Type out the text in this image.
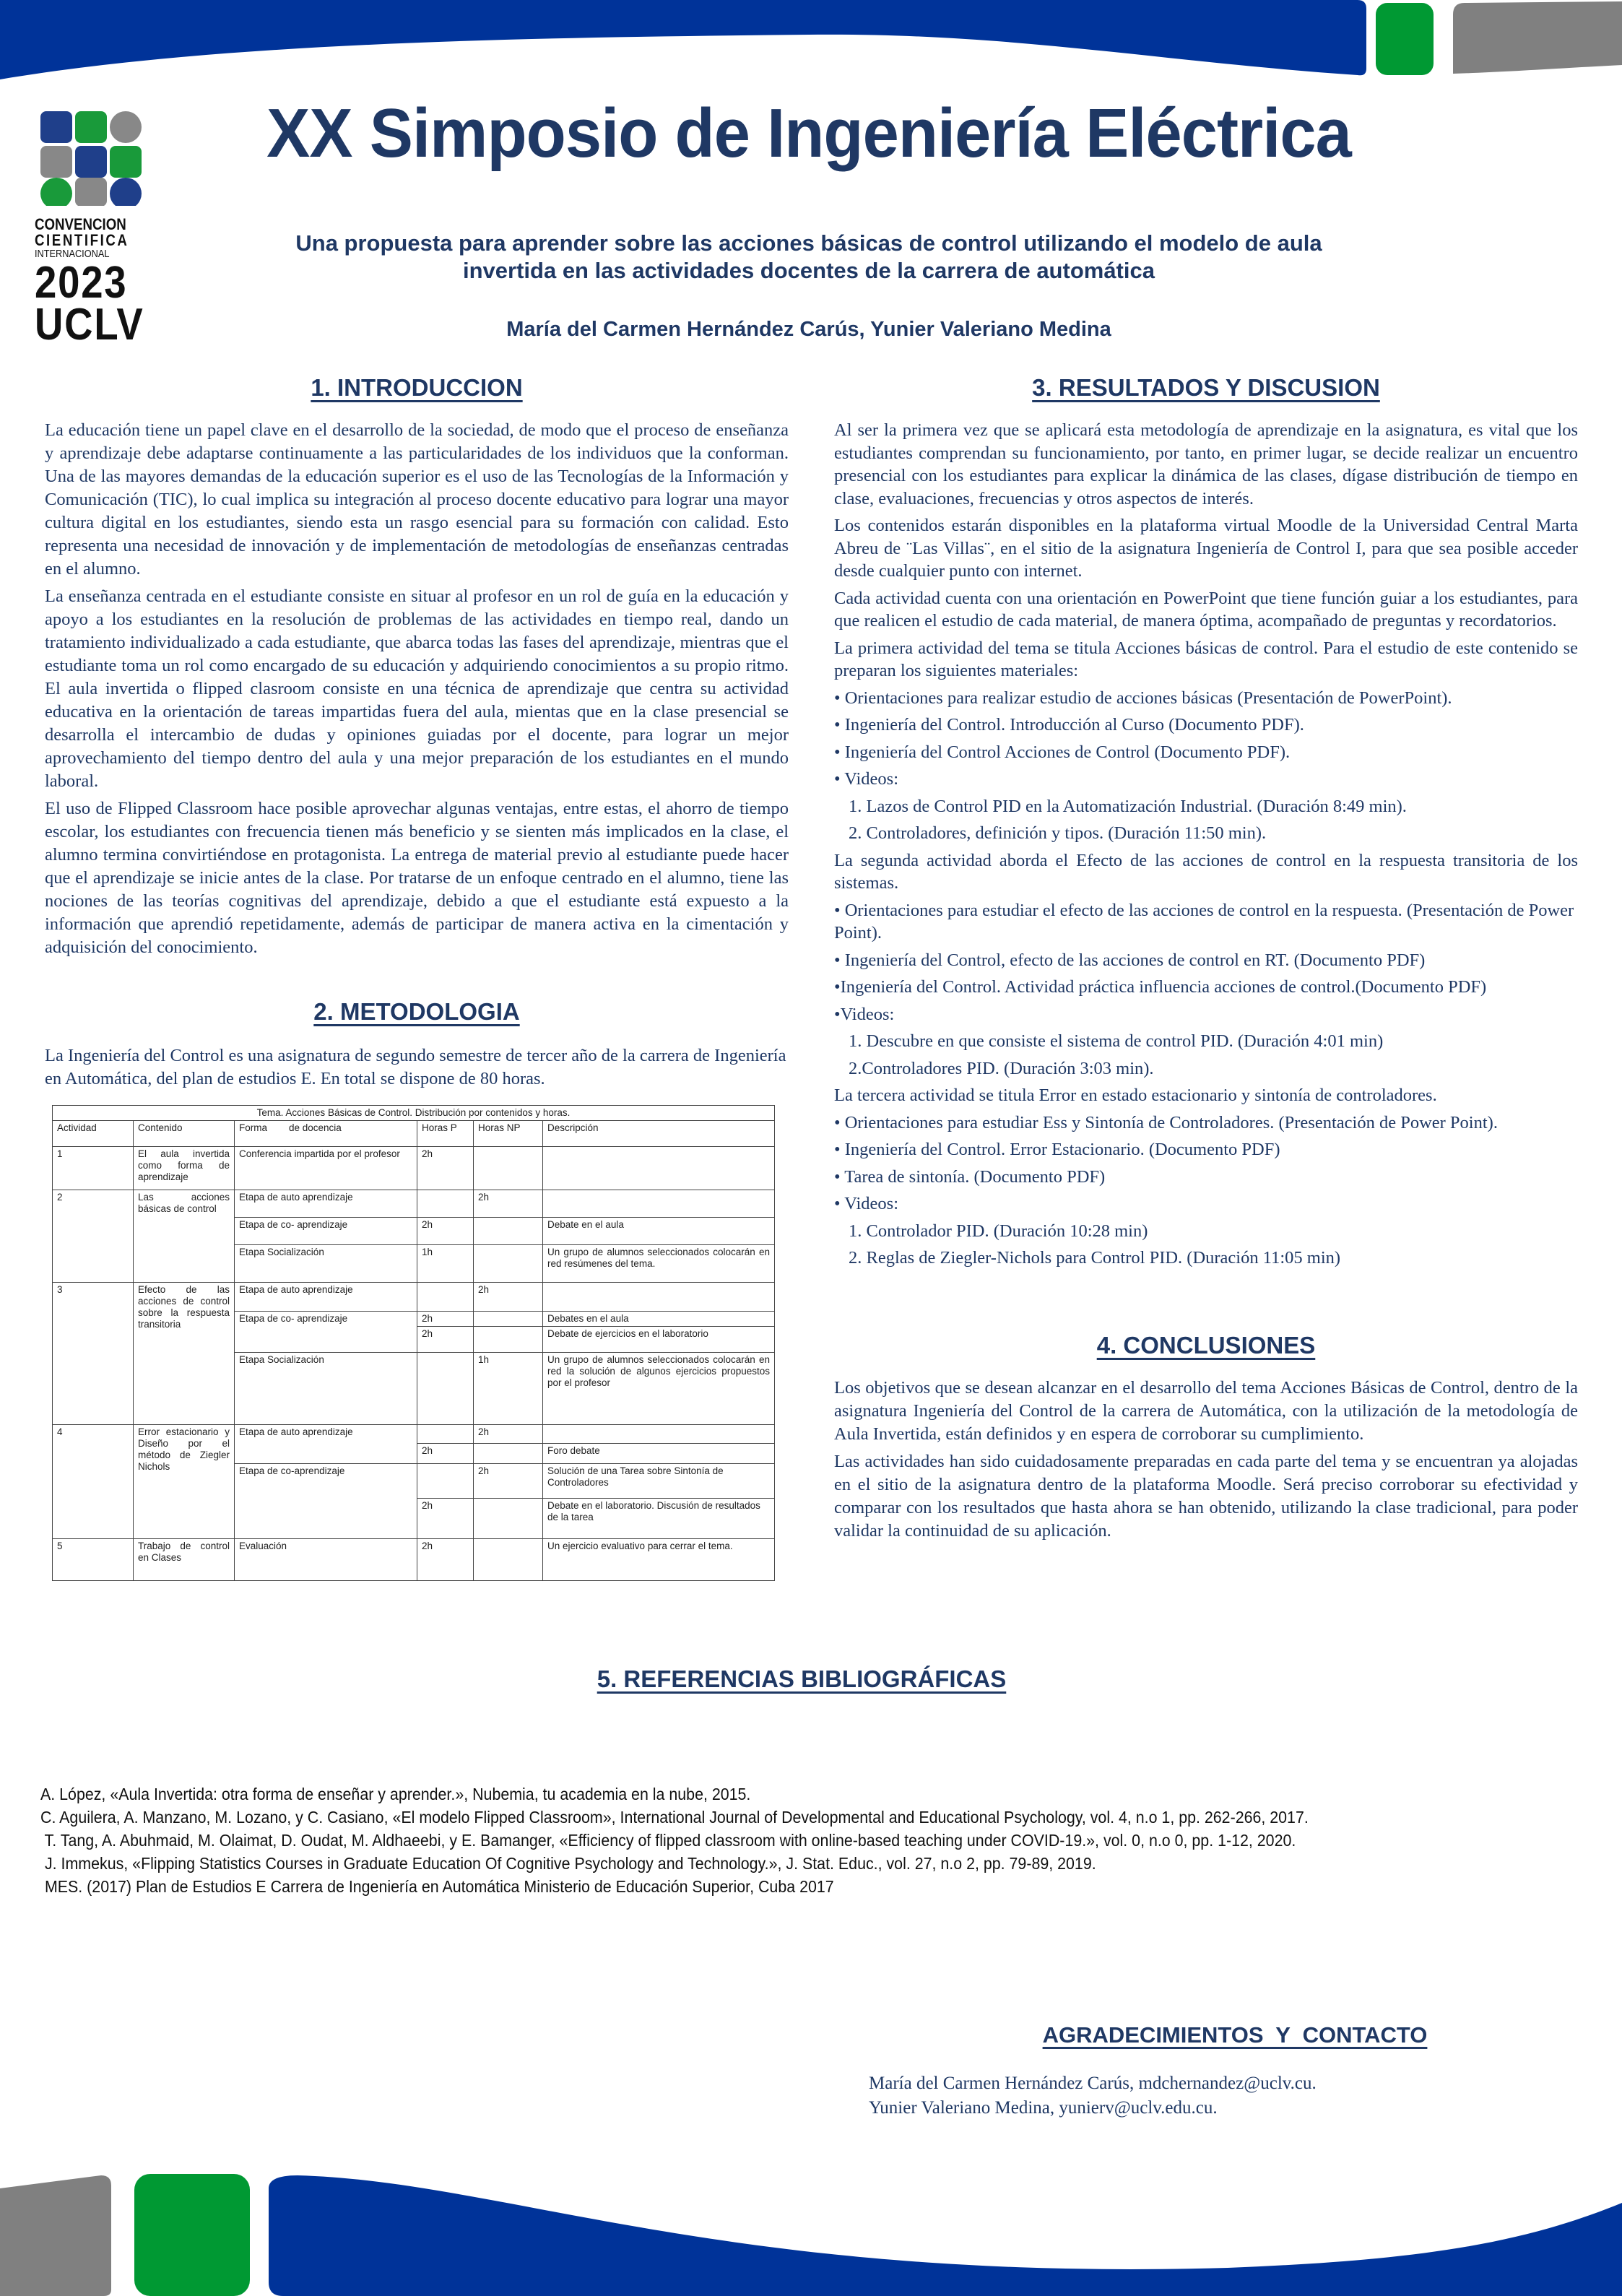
CONVENCION
CIENTIFICA
INTERNACIONAL
2023
UCLV
XX Simposio de Ingeniería Eléctrica
Una propuesta para aprender sobre las acciones básicas de control utilizando el modelo de aula
invertida en las actividades docentes de la carrera de automática
María del Carmen Hernández Carús, Yunier Valeriano Medina
1. INTRODUCCION

La educación tiene un papel clave en el desarrollo de la sociedad, de modo que el proceso de enseñanza y aprendizaje debe adaptarse continuamente a las particularidades de los individuos que la conforman. Una de las mayores demandas de la educación superior es el uso de las Tecnologías de la Información y Comunicación (TIC), lo cual implica su integración al proceso docente educativo para lograr una mayor cultura digital en los estudiantes, siendo esta un rasgo esencial para su formación con calidad. Esto representa una necesidad de innovación y de implementación de metodologías de enseñanzas centradas en el alumno.

La enseñanza centrada en el estudiante consiste en situar al profesor en un rol de guía en la educación y apoyo a los estudiantes en la resolución de problemas de las actividades en tiempo real, dando un tratamiento individualizado a cada estudiante, que abarca todas las fases del aprendizaje, mientras que el estudiante toma un rol como encargado de su educación y adquiriendo conocimientos a su propio ritmo. El aula invertida o flipped clasroom consiste en una técnica de aprendizaje que centra su actividad educativa en la orientación de tareas impartidas fuera del aula, mientas que en la clase presencial se desarrolla el intercambio de dudas y opiniones guiadas por el docente, para lograr un mejor aprovechamiento del tiempo dentro del aula y una mejor preparación de los estudiantes en el mundo laboral.

El uso de Flipped Classroom hace posible aprovechar algunas ventajas, entre estas, el ahorro de tiempo escolar, los estudiantes con frecuencia tienen más beneficio y se sienten más implicados en la clase, el alumno termina convirtiéndose en protagonista. La entrega de material previo al estudiante puede hacer que el aprendizaje se inicie antes de la clase. Por tratarse de un enfoque centrado en el alumno, tiene las nociones de las teorías cognitivas del aprendizaje, debido a que el estudiante está expuesto a la información que aprendió repetidamente, además de participar de manera activa en la cimentación y adquisición del conocimiento.

2. METODOLOGIA

La Ingeniería del Control es una asignatura de segundo semestre de tercer año de la carrera de Ingeniería en Automática, del plan de estudios E. En total se dispone de 80 horas.

Tema. Acciones Básicas de Control. Distribución por contenidos y horas.					
Actividad	Contenido	Forma        de docencia	Horas P	Horas NP	Descripción
1	El aula invertida como forma de aprendizaje	Conferencia impartida por el profesor	2h		
2	Las acciones básicas de control	Etapa de auto aprendizaje		2h	
		Etapa de co- aprendizaje	2h		Debate en el aula
		Etapa Socialización	1h		Un grupo de alumnos seleccionados colocarán en red resúmenes del tema.
3	Efecto de las acciones de control sobre la respuesta transitoria	Etapa de auto aprendizaje		2h	
		Etapa de co- aprendizaje	2h		Debates en el aula
			2h		Debate de ejercicios en el laboratorio
		Etapa Socialización		1h	Un grupo de alumnos seleccionados colocarán en red la solución de algunos ejercicios propuestos por el profesor
4	Error estacionario y Diseño por el método de Ziegler Nichols	Etapa de auto aprendizaje		2h	
			2h		Foro debate
		Etapa de co-aprendizaje		2h	Solución de una Tarea sobre Sintonía de Controladores
			2h		Debate en el laboratorio. Discusión de resultados de la tarea
5	Trabajo de control en Clases	Evaluación	2h		Un ejercicio evaluativo para cerrar el tema.
3. RESULTADOS Y DISCUSION

Al ser la primera vez que se aplicará esta metodología de aprendizaje en la asignatura, es vital que los estudiantes comprendan su funcionamiento, por tanto, en primer lugar, se decide realizar un encuentro presencial con los estudiantes para explicar la dinámica de las clases, dígase distribución de tiempo en clase, evaluaciones, frecuencias y otros aspectos de interés.

Los contenidos estarán disponibles en la plataforma virtual Moodle de la Universidad Central Marta Abreu de ¨Las Villas¨, en el sitio de la asignatura Ingeniería de Control I, para que sea posible acceder desde cualquier punto con internet.

Cada actividad cuenta con una orientación en PowerPoint que tiene función guiar a los estudiantes, para que realicen el estudio de cada material, de manera óptima, acompañado de preguntas y recordatorios.

La primera actividad del tema se titula Acciones básicas de control. Para el estudio de este contenido se preparan los siguientes materiales:

• Orientaciones para realizar estudio de acciones básicas (Presentación de PowerPoint).
• Ingeniería del Control. Introducción al Curso (Documento PDF).
• Ingeniería del Control Acciones de Control (Documento PDF).
• Videos:
1. Lazos de Control PID en la Automatización Industrial. (Duración 8:49 min).
2. Controladores, definición y tipos. (Duración 11:50 min).

La segunda actividad aborda el Efecto de las acciones de control en la respuesta transitoria de los sistemas.

• Orientaciones para estudiar el efecto de las acciones de control en la respuesta. (Presentación de Power Point).
• Ingeniería del Control, efecto de las acciones de control en RT. (Documento PDF)
•Ingeniería del Control. Actividad práctica influencia acciones de control.(Documento PDF)
•Videos:
1. Descubre en que consiste el sistema de control PID. (Duración 4:01 min)
2.Controladores PID. (Duración 3:03 min).

La tercera actividad se titula Error en estado estacionario y sintonía de controladores.

• Orientaciones para estudiar Ess y Sintonía de Controladores. (Presentación de Power Point).
• Ingeniería del Control. Error Estacionario. (Documento PDF)
• Tarea de sintonía. (Documento PDF)
• Videos:
1. Controlador PID. (Duración 10:28 min)
2. Reglas de Ziegler-Nichols para Control PID. (Duración 11:05 min)
4. CONCLUSIONES

Los objetivos que se desean alcanzar en el desarrollo del tema Acciones Básicas de Control, dentro de la asignatura Ingeniería del Control de la carrera de Automática, con la utilización de la metodología de Aula Invertida, están definidos y en espera de corroborar su cumplimiento.

Las actividades han sido cuidadosamente preparadas en cada parte del tema y se encuentran ya alojadas en el sitio de la asignatura dentro de la plataforma Moodle. Será preciso corroborar su efectividad y comparar con los resultados que hasta ahora se han obtenido, utilizando la clase tradicional, para poder validar la continuidad de su aplicación.

5. REFERENCIAS BIBLIOGRÁFICAS
A. López, «Aula Invertida: otra forma de enseñar y aprender.», Nubemia, tu academia en la nube, 2015.
C. Aguilera, A. Manzano, M. Lozano, y C. Casiano, «El modelo Flipped Classroom», International Journal of Developmental and Educational Psychology, vol. 4, n.o 1, pp. 262-266, 2017.
T. Tang, A. Abuhmaid, M. Olaimat, D. Oudat, M. Aldhaeebi, y E. Bamanger, «Efficiency of flipped classroom with online-based teaching under COVID-19.», vol. 0, n.o 0, pp. 1-12, 2020.
J. Immekus, «Flipping Statistics Courses in Graduate Education Of Cognitive Psychology and Technology.», J. Stat. Educ., vol. 27, n.o 2, pp. 79-89, 2019.
MES. (2017) Plan de Estudios E Carrera de Ingeniería en Automática Ministerio de Educación Superior, Cuba 2017
AGRADECIMIENTOS  Y  CONTACTO
María del Carmen Hernández Carús, mdchernandez@uclv.cu.
Yunier Valeriano Medina, yunierv@uclv.edu.cu.
